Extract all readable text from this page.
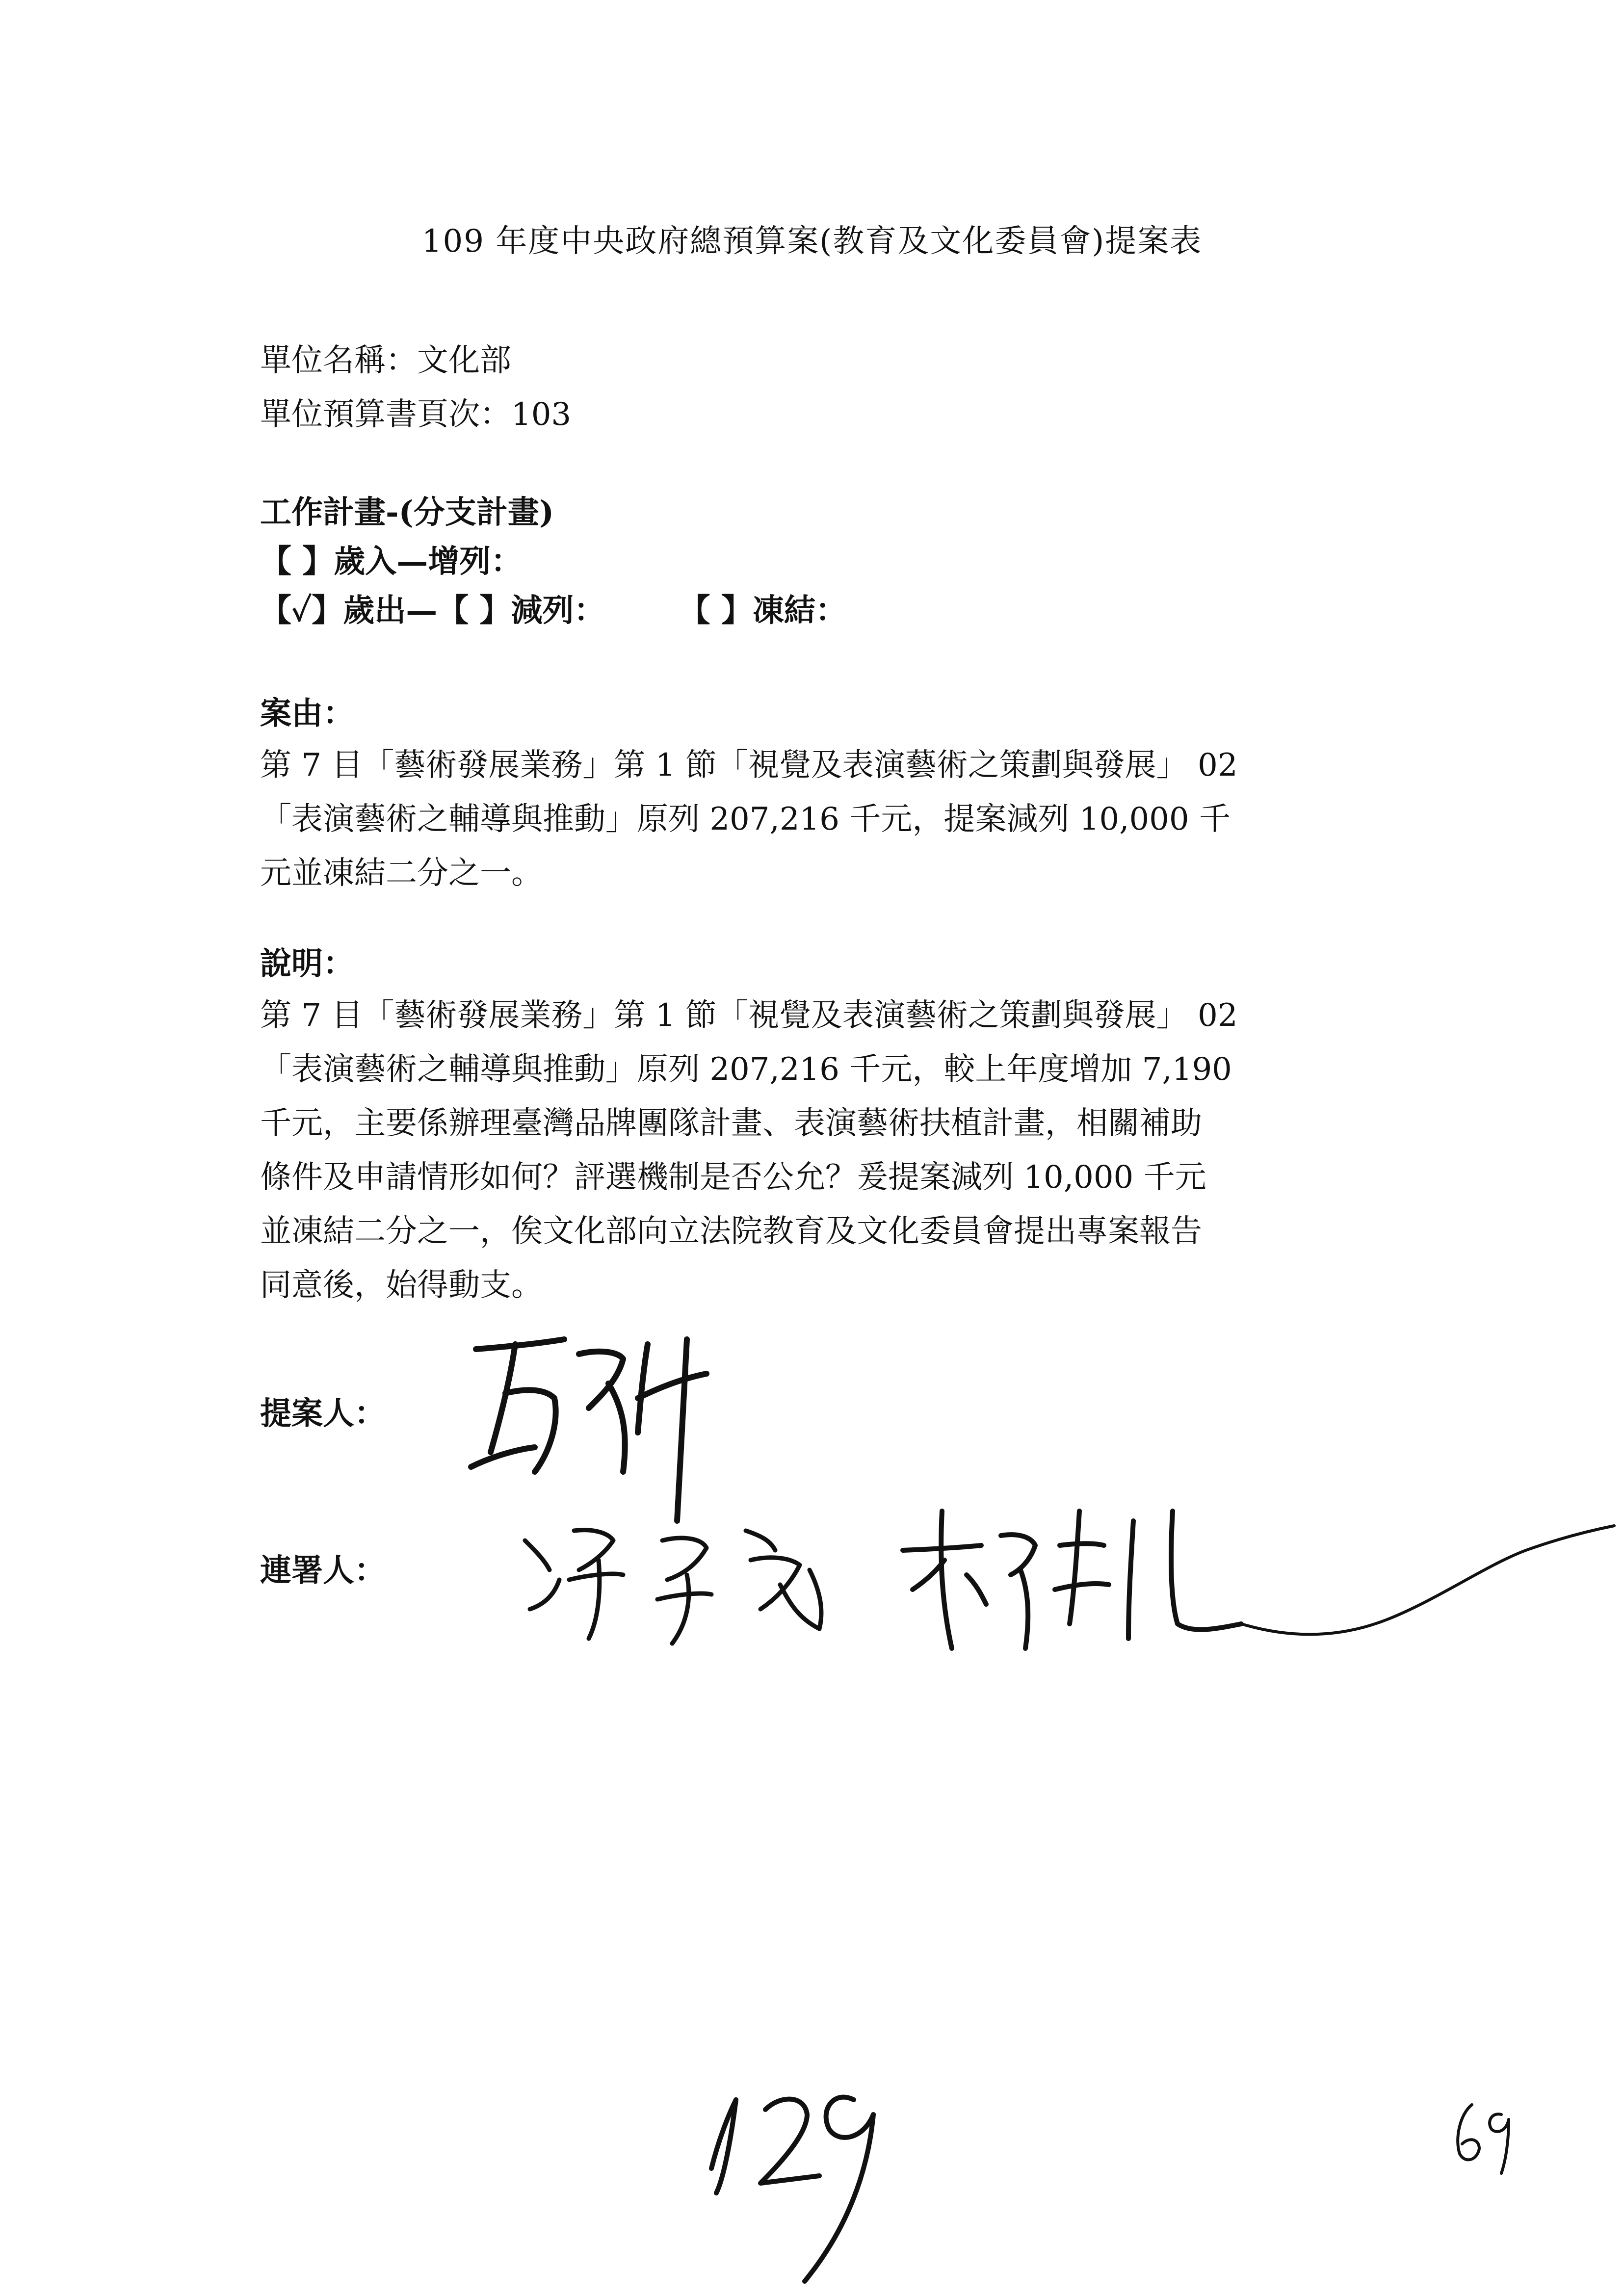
109 年度中央政府總預算案(教育及文化委員會)提案表
單位名稱：文化部
單位預算書頁次：103
工作計畫-(分支計畫)
【 】歲入—增列：
【✓】歲出—【 】減列： 【 】凍結：
案由：
第 7 目「藝術發展業務」第 1 節「視覺及表演藝術之策劃與發展」 02
「表演藝術之輔導與推動」原列 207,216 千元，提案減列 10,000 千
元並凍結二分之一。
說明：
第 7 目「藝術發展業務」第 1 節「視覺及表演藝術之策劃與發展」 02
「表演藝術之輔導與推動」原列 207,216 千元，較上年度增加 7,190
千元，主要係辦理臺灣品牌團隊計畫、表演藝術扶植計畫，相關補助
條件及申請情形如何？評選機制是否公允？爰提案減列 10,000 千元
並凍結二分之一，俟文化部向立法院教育及文化委員會提出專案報告
同意後，始得動支。
提案人：
連署人：
